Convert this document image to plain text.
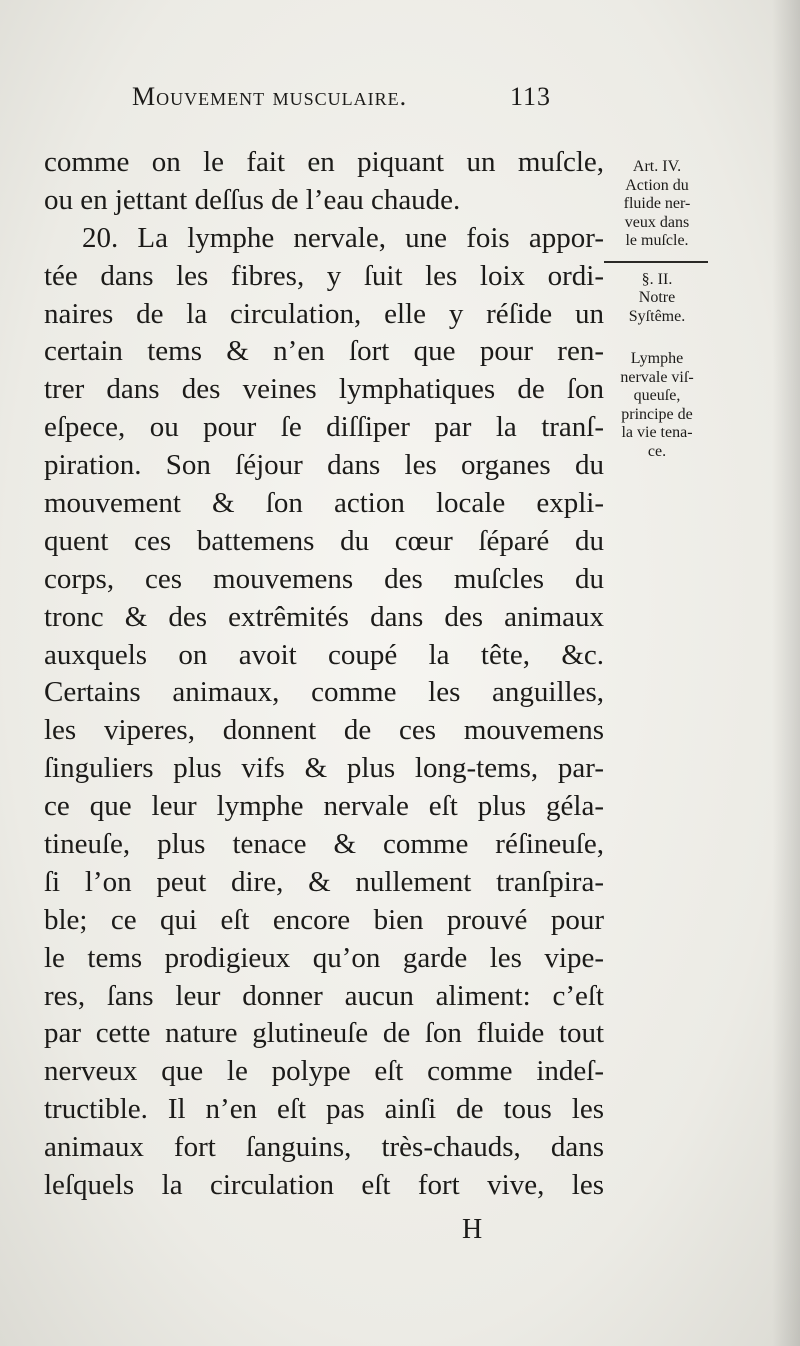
Mouvement musculaire.	113
comme on le fait en piquant un muſcle,
ou en jettant deſſus de l’eau chaude.
20. La lymphe nervale, une fois appor-
tée dans les fibres, y ſuit les loix ordi-
naires de la circulation, elle y réſide un
certain tems & n’en ſort que pour ren-
trer dans des veines lymphatiques de ſon
eſpece, ou pour ſe diſſiper par la tranſ-
piration. Son ſéjour dans les organes du
mouvement & ſon action locale expli-
quent ces battemens du cœur ſéparé du
corps, ces mouvemens des muſcles du
tronc & des extrêmités dans des animaux
auxquels on avoit coupé la tête, &c.
Certains animaux, comme les anguilles,
les viperes, donnent de ces mouvemens
ſinguliers plus vifs & plus long-tems, par-
ce que leur lymphe nervale eſt plus géla-
tineuſe, plus tenace & comme réſineuſe,
ſi l’on peut dire, & nullement tranſpira-
ble; ce qui eſt encore bien prouvé pour
le tems prodigieux qu’on garde les vipe-
res, ſans leur donner aucun aliment: c’eſt
par cette nature glutineuſe de ſon fluide tout
nerveux que le polype eſt comme indeſ-
tructible. Il n’en eſt pas ainſi de tous les
animaux fort ſanguins, très-chauds, dans
leſquels la circulation eſt fort vive, les
Art. IV.
Action du
fluide ner-
veux dans
le muſcle.
§. II.
Notre
Syſtême.
Lymphe
nervale viſ-
queuſe,
principe de
la vie tena-
ce.
H
